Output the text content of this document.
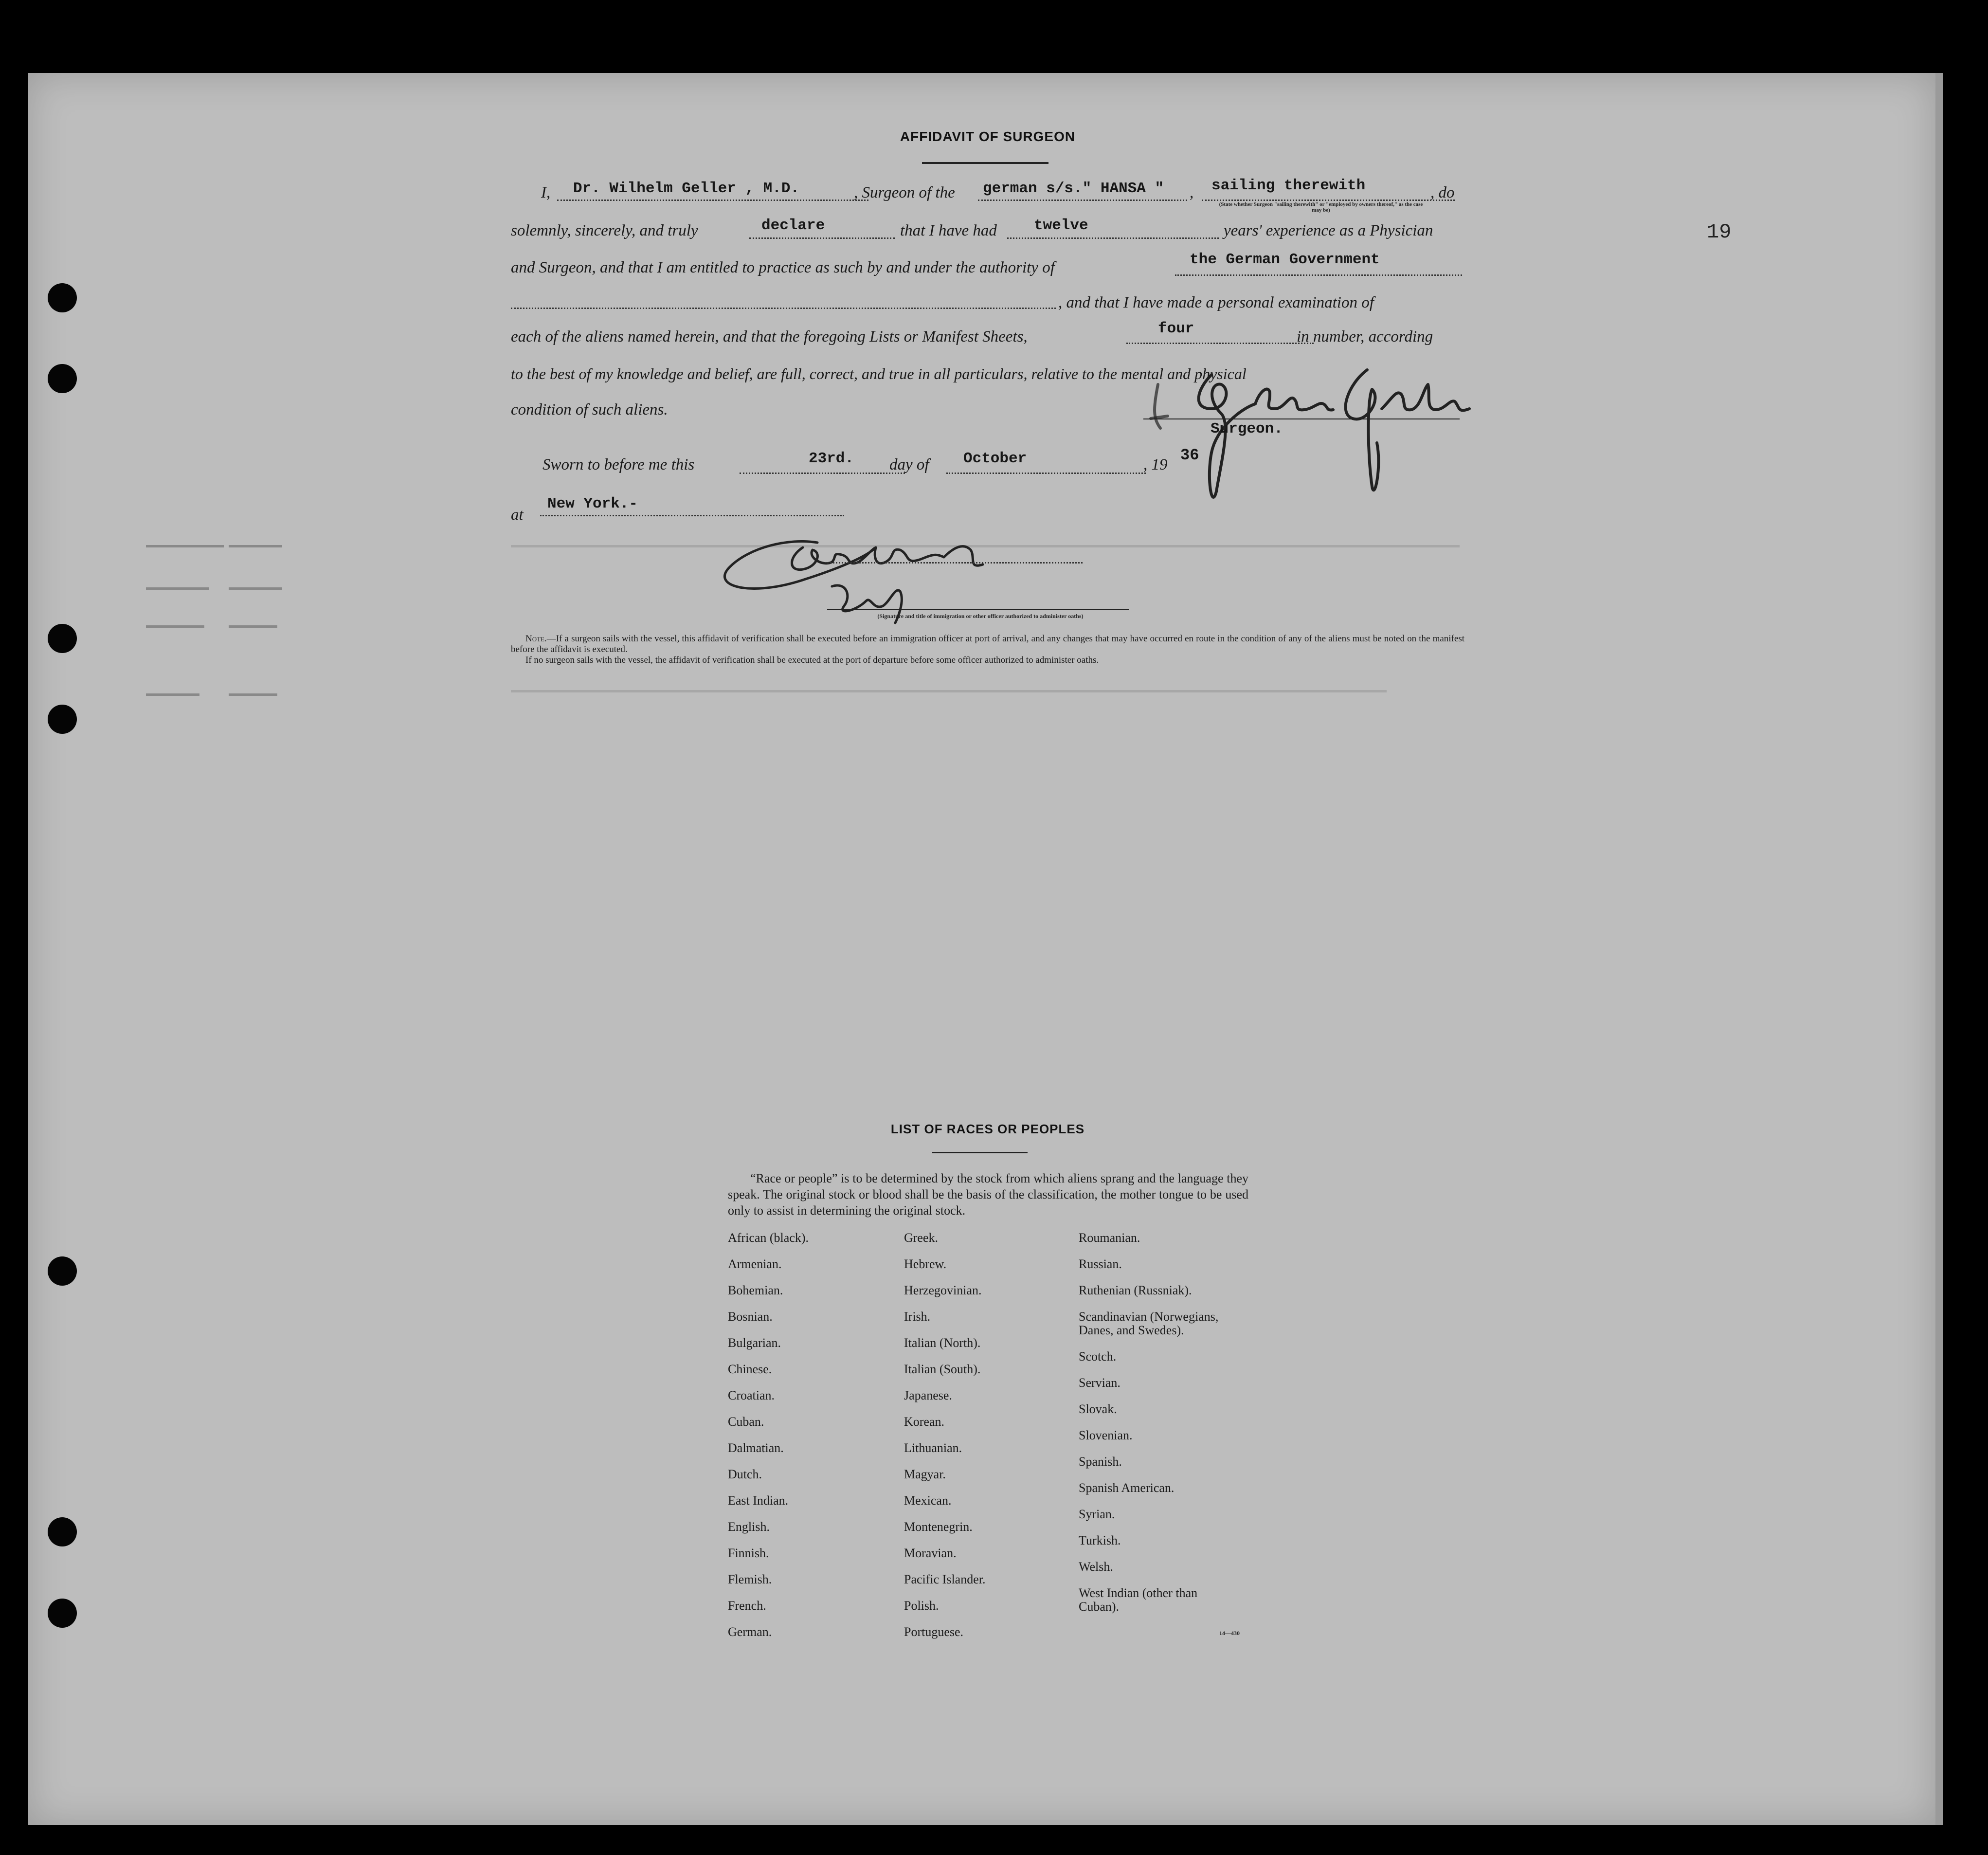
AFFIDAVIT OF SURGEON
19
I, Dr. Wilhelm Geller , M.D.	, Surgeon of the german s/s." HANSA " , sailing therewith	, do
(State whether Surgeon "sailing therewith" or "employed by owners thereof," as the case may be)
solemnly, sincerely, and truly	declare	that I have had twelve	years' experience as a Physician
and Surgeon, and that I am entitled to practice as such by and under the authority of	the German Government
, and that I have made a personal examination of
each of the aliens named herein, and that the foregoing Lists or Manifest Sheets,	four	in number, according
to the best of my knowledge and belief, are full, correct, and true in all particulars, relative to the mental and physical
condition of such aliens.
Surgeon.
Sworn to before me this	23rd. day of October	, 19
36
at
New York.-
(Signature and title of immigration or other officer authorized to administer oaths)
Note.—If a surgeon sails with the vessel, this affidavit of verification shall be executed before an immigration officer at port of arrival, and any changes that may have occurred en route in the condition of any of the aliens must be noted on the manifest before the affidavit is executed.
If no surgeon sails with the vessel, the affidavit of verification shall be executed at the port of departure before some officer authorized to administer oaths.
LIST OF RACES OR PEOPLES
“Race or people” is to be determined by the stock from which aliens sprang and the language they speak. The original stock or blood shall be the basis of the classification, the mother tongue to be used only to assist in determining the original stock.
African (black).
Armenian.
Bohemian.
Bosnian.
Bulgarian.
Chinese.
Croatian.
Cuban.
Dalmatian.
Dutch.
East Indian.
English.
Finnish.
Flemish.
French.
German.
Greek.
Hebrew.
Herzegovinian.
Irish.
Italian (North).
Italian (South).
Japanese.
Korean.
Lithuanian.
Magyar.
Mexican.
Montenegrin.
Moravian.
Pacific Islander.
Polish.
Portuguese.
Roumanian.
Russian.
Ruthenian (Russniak).
Scandinavian (Norwegians,
Danes, and Swedes).
Scotch.
Servian.
Slovak.
Slovenian.
Spanish.
Spanish American.
Syrian.
Turkish.
Welsh.
West Indian (other than
Cuban).
14—430
